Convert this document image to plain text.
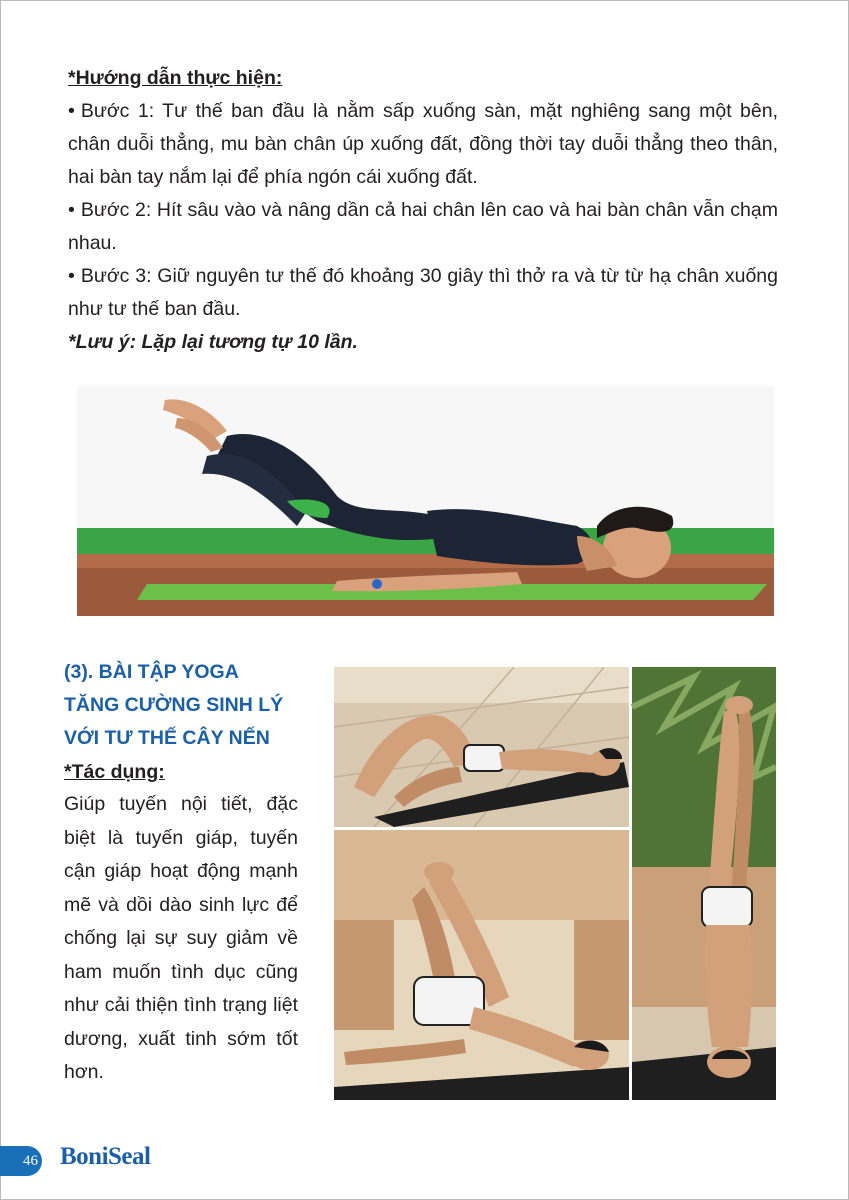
*Hướng dẫn thực hiện:

• Bước 1: Tư thế ban đầu là nằm sấp xuống sàn, mặt nghiêng sang một bên, chân duỗi thẳng, mu bàn chân úp xuống đất, đồng thời tay duỗi thẳng theo thân, hai bàn tay nắm lại để phía ngón cái xuống đất.

• Bước 2: Hít sâu vào và nâng dần cả hai chân lên cao và hai bàn chân vẫn chạm nhau.

• Bước 3: Giữ nguyên tư thế đó khoảng 30 giây thì thở ra và từ từ hạ chân xuống như tư thế ban đầu.

*Lưu ý: Lặp lại tương tự 10 lần.

(3). BÀI TẬP YOGA
TĂNG CƯỜNG SINH LÝ
VỚI TƯ THẾ CÂY NẾN
*Tác dụng:
Giúp tuyến nội tiết, đặc biệt là tuyến giáp, tuyến cận giáp hoạt động mạnh mẽ và dồi dào sinh lực để chống lại sự suy giảm về ham muốn tình dục cũng như cải thiện tình trạng liệt dương, xuất tinh sớm tốt hơn.
46 BoniSeal
